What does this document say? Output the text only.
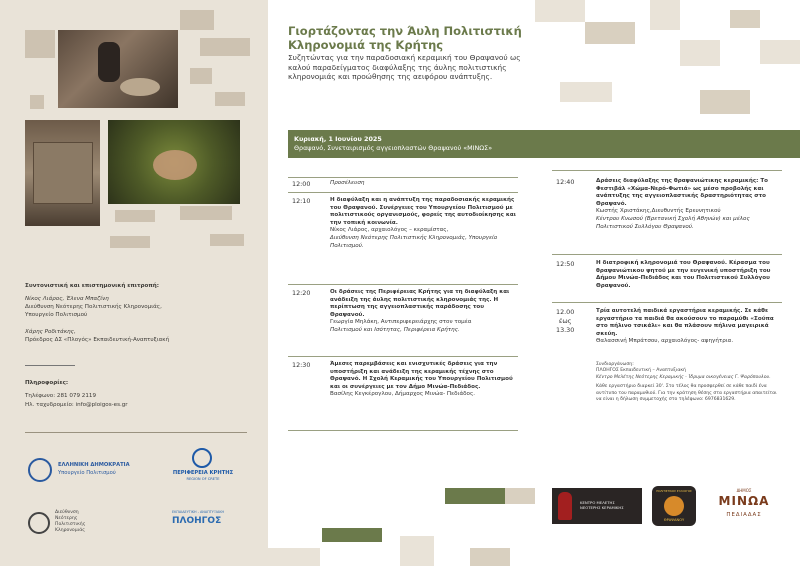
Συντονιστική και επιστημονική επιτροπή:
Νίκος Λιάρος, Έλενα Μπαζίνη
Διεύθυνση Νεότερης Πολιτιστικής Κληρονομιάς,
Υπουργείο Πολιτισμού
Χάρης Ροδιτάκης,
Πρόεδρος ΔΣ «Πλογός» Εκπαιδευτική-Αναπτυξιακή
Πληροφορίες:
Τηλέφωνο: 281 079 2119
Ηλ. ταχυδρομείο: info@ploigos-es.gr
ΕΛΛΗΝΙΚΗ ΔΗΜΟΚΡΑΤΙΑ
Υπουργείο Πολιτισμού	ΠΕΡΙΦΕΡΕΙΑ ΚΡΗΤΗΣ
REGION OF CRETE
Διεύθυνση
Νεότερης
Πολιτιστικής
Κληρονομιάς
ΕΚΠΑΙΔΕΥΤΙΚΗ - ΑΝΑΠΤΥΞΙΑΚΗ
ΠΛΟΗΓΟΣ
Γιορτάζοντας την Άυλη Πολιτιστική Κληρονομιά της Κρήτης
Συζητώντας για την παραδοσιακή κεραμική του Θραψανού ως καλού παραδείγματος διαφύλαξης της άυλης πολιτιστικής κληρονομιάς και προώθησης της αειφόρου ανάπτυξης.
Κυριακή, 1 Ιουνίου 2025
Θραψανό, Συνεταιρισμός αγγειοπλαστών Θραψανού «ΜΙΝΩΣ»
12:00	Προσέλευση
12:10	Η διαφύλαξη και η ανάπτυξη της παραδοσιακής κεραμικής του Θραψανού. Συνέργειες του Υπουργείου Πολιτισμού με πολιτιστικούς οργανισμούς, φορείς της αυτοδιοίκησης και την τοπική κοινωνία.
Νίκος Λιάρος, αρχαιολόγος – κεραμίστας,
Διεύθυνση Νεότερης Πολιτιστικής Κληρονομιάς, Υπουργείο Πολιτισμού.
12:20	Οι δράσεις της Περιφέρειας Κρήτης για τη διαφύλαξη και ανάδειξη της άυλης πολιτιστικής κληρονομιάς της. Η περίπτωση της αγγειοπλαστικής παράδοσης του Θραψανού.
Γεωργία Μηλάκη, Αντιπεριφερειάρχης στον τομέα
Πολιτισμού και Ισότητας, Περιφέρεια Κρήτης.
12:30	Άμεσες παρεμβάσεις και ενισχυτικές δράσεις για την υποστήριξη και ανάδειξη της κεραμικής τέχνης στο Θραψανό. Η Σχολή Κεραμικής του Υπουργείου Πολιτισμού και οι συνέργειες με τον Δήμο Μινώα-Πεδιάδος.
Βασίλης Κεγκέρογλου, Δήμαρχος Μινώα- Πεδιάδος.
12:40	Δράσεις διαφύλαξης της θραψανιώτικης κεραμικής: Το Φεστιβάλ «Χώμα-Νερό-Φωτιά» ως μέσο προβολής και ανάπτυξης της αγγειοπλαστικής δραστηριότητας στο Θραψανό.
Κωστής Χριστάκης,Διευθυντής Ερευνητικού
Κέντρου Κνωσού (Βρετανική Σχολή Αθηνών) και μέλος Πολιτιστικού Συλλόγου Θραψανού.
12:50	Η διατροφική κληρονομιά του Θραψανού. Κέρασμα του θραψανιώτικου ψητού με την ευγενική υποστήριξη του Δήμου Μινώα-Πεδιάδος και του Πολιτιστικού Συλλόγου Θραψανού.
12.00
έως
13.30
Τρία αυτοτελή παιδικά εργαστήρια κεραμικής. Σε κάθε εργαστήριο τα παιδιά θα ακούσουν το παραμύθι «Σούπα στο πήλινο τσικάλι» και θα πλάσουν πήλινα μαγειρικά σκεύη.
Θαλασσινή Μπράτσου, αρχαιολόγος- αφηγήτρια.
Συνδιοργάνωση:
ΠΛΟΗΓΟΣ Εκπαιδευτική – Αναπτυξιακή
Κέντρο Μελέτης Νεότερης Κεραμικής - Ίδρυμα οικογένειας Γ. Ψαρόπουλου.
Κάθε εργαστήριο διαρκεί 30'. Στο τέλος θα προσφερθεί σε κάθε παιδί ένα αντίτυπο του παραμυθιού. Για την κράτηση θέσης στα εργαστήρια απαιτείται να είναι η δήλωση συμμετοχής στο τηλέφωνο: 6976831629.
ΚΕΝΤΡΟ ΜΕΛΕΤΗΣ
ΝΕΟΤΕΡΗΣ ΚΕΡΑΜΙΚΗΣ
ΠΟΛΙΤΙΣΤΙΚΟΣ ΣΥΛΛΟΓΟΣ
ΘΡΑΨΑΝΟΥ
ΔΗΜΟΣ
ΜΙΝΩΑ
ΠΕΔΙΑΔΑΣ
